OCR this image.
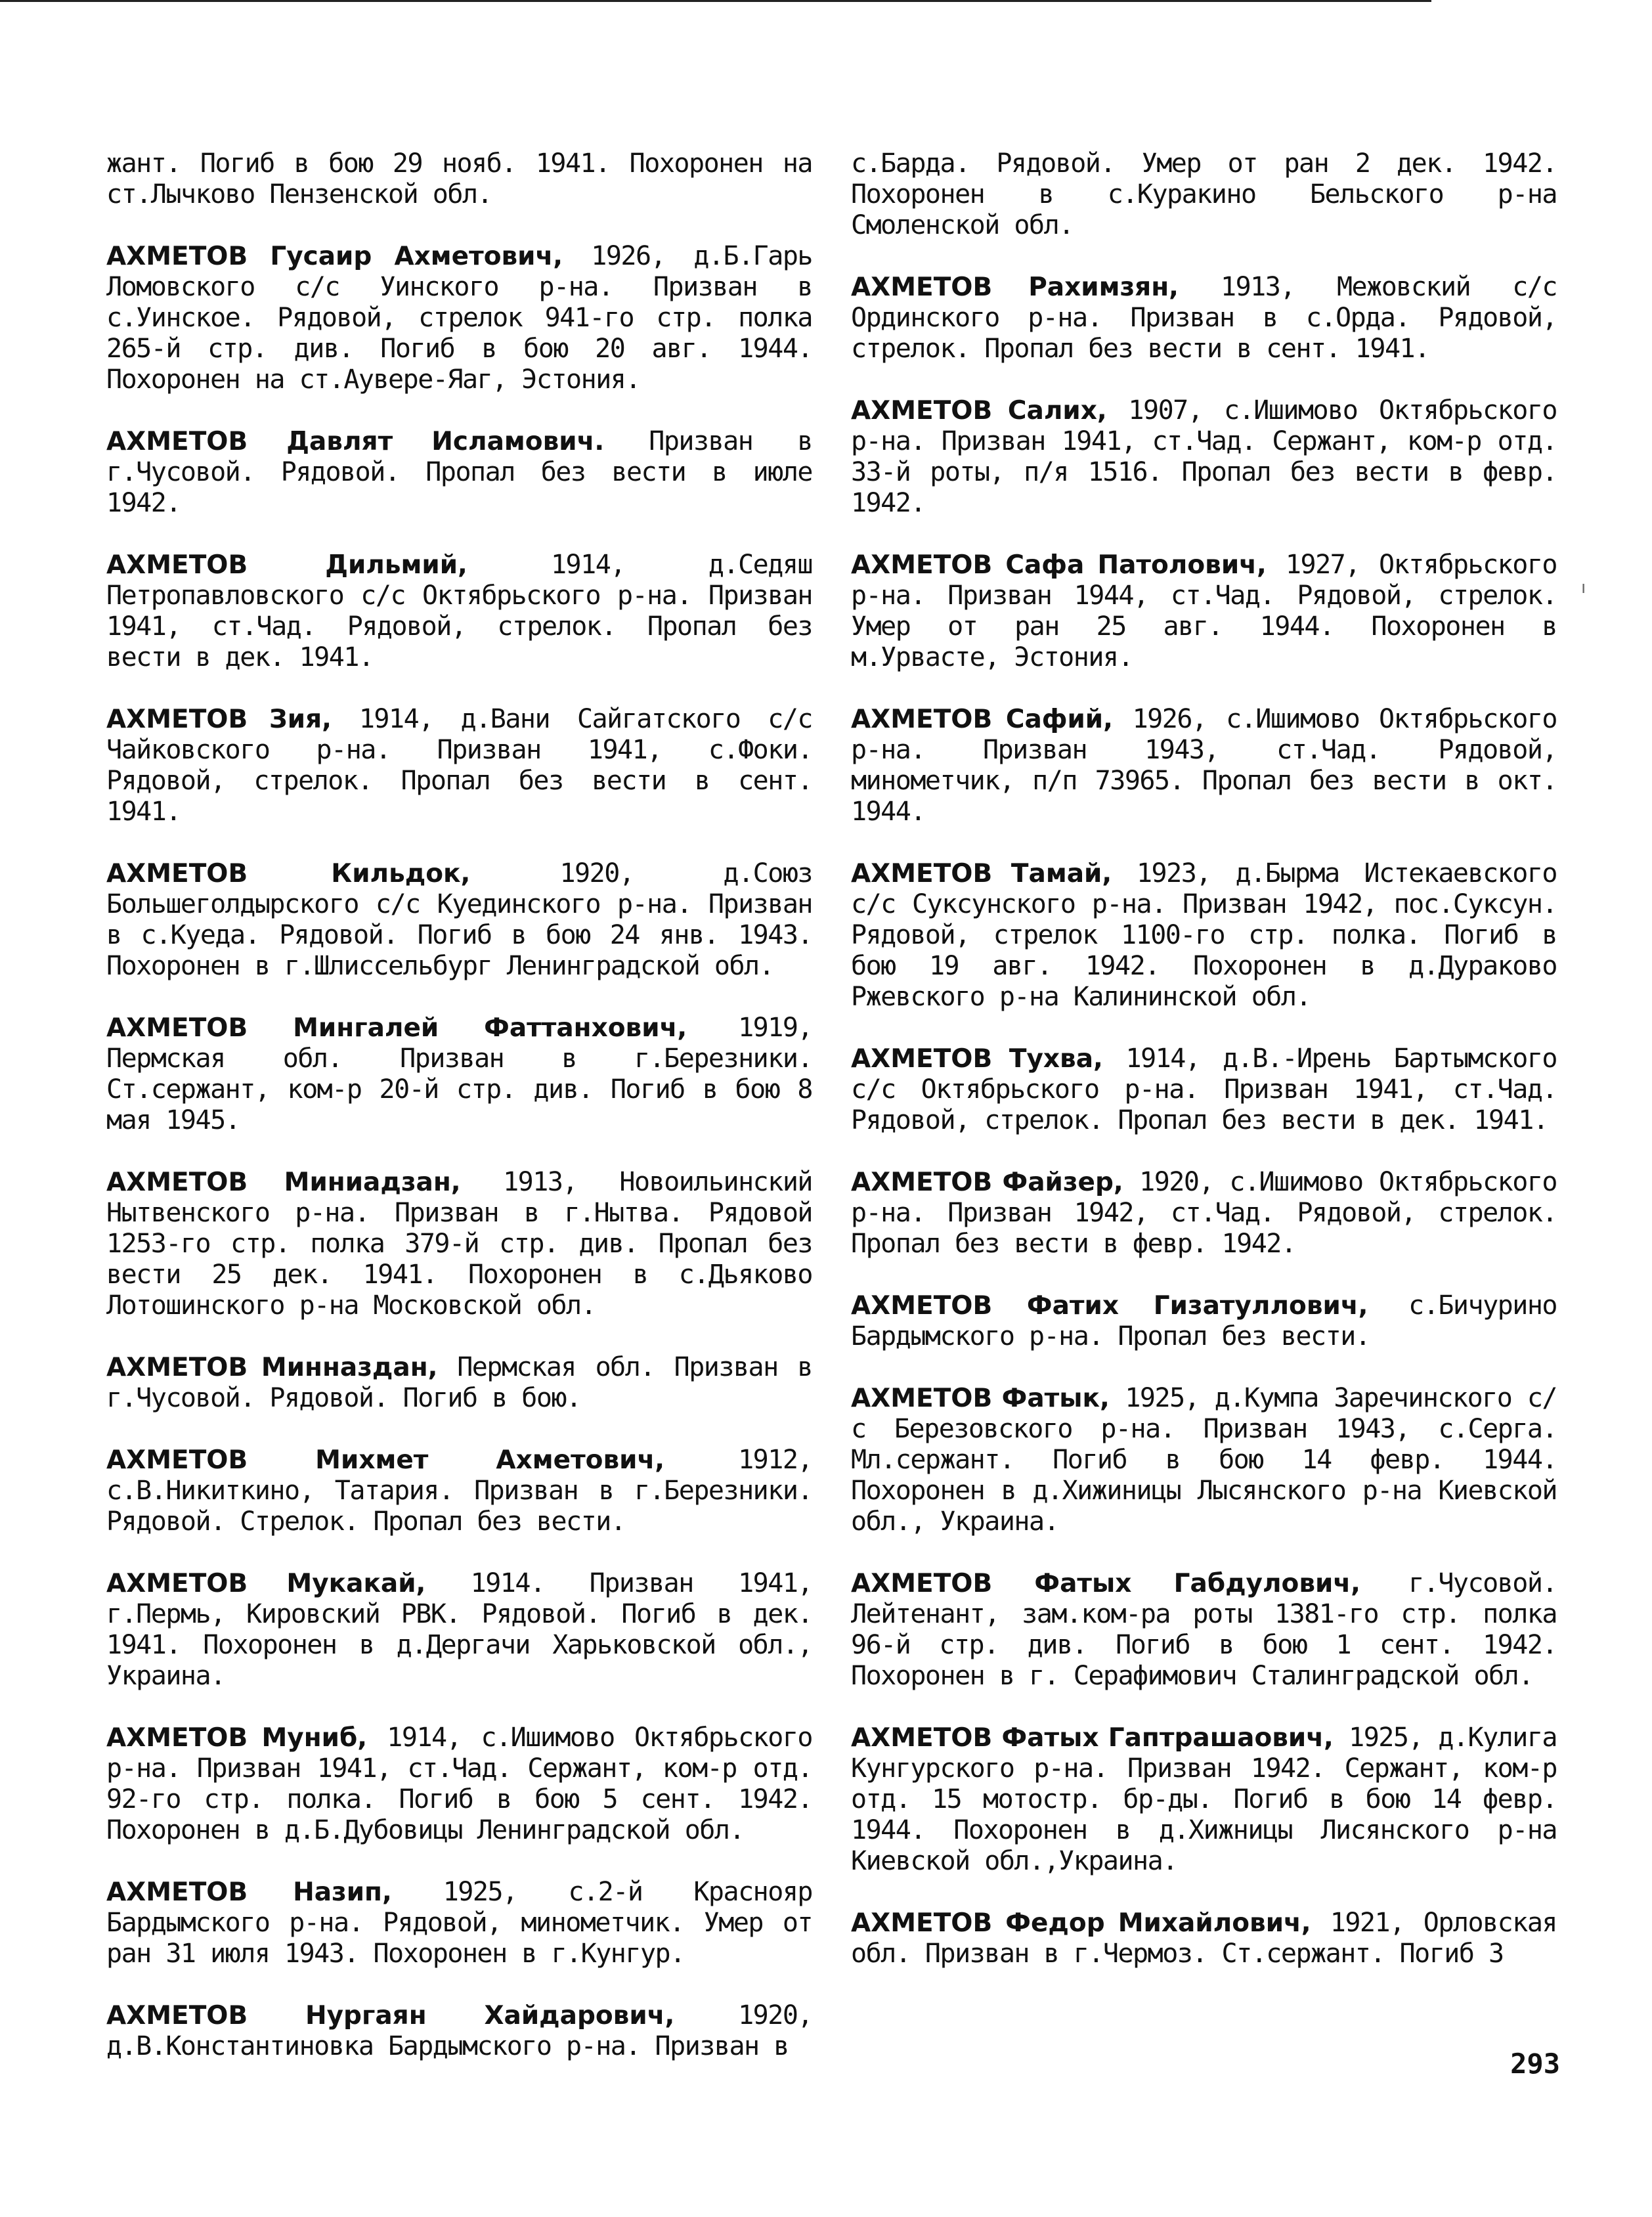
жант. Погиб в бою 29 нояб. 1941. Похоронен на ст.Лычково Пензенской обл.

АХМЕТОВ Гусаир Ахметович, 1926, д.Б.Гарь Ломовского с/с Уинского р-на. Призван в с.Уинское. Рядовой, стрелок 941-го стр. полка 265-й стр. див. Погиб в бою 20 авг. 1944. Похоронен на ст.Аувере-Яаг, Эстония.

АХМЕТОВ Давлят Исламович. Призван в г.Чусовой. Рядовой. Пропал без вести в июле 1942.

АХМЕТОВ Дильмий, 1914, д.Седяш Петропавловского с/с Октябрьского р-на. Призван 1941, ст.Чад. Рядовой, стрелок. Пропал без вести в дек. 1941.

АХМЕТОВ Зия, 1914, д.Вани Сайгатского с/с Чайковского р-на. Призван 1941, с.Фоки. Рядовой, стрелок. Пропал без вести в сент. 1941.

АХМЕТОВ Кильдок, 1920, д.Союз Большеголдырского с/с Куединского р-на. Призван в с.Куеда. Рядовой. Погиб в бою 24 янв. 1943. Похоронен в г.Шлиссельбург Ленинградской обл.

АХМЕТОВ Мингалей Фаттанхович, 1919, Пермская обл. Призван в г.Березники. Ст.сержант, ком-р 20-й стр. див. Погиб в бою 8 мая 1945.

АХМЕТОВ Миниадзан, 1913, Новоильинский Нытвенского р-на. Призван в г.Нытва. Рядовой 1253-го стр. полка 379-й стр. див. Пропал без вести 25 дек. 1941. Похоронен в с.Дьяково Лотошинского р-на Московской обл.

АХМЕТОВ Минназдан, Пермская обл. Призван в г.Чусовой. Рядовой. Погиб в бою.

АХМЕТОВ Михмет Ахметович, 1912, с.В.Никиткино, Татария. Призван в г.Березники. Рядовой. Стрелок. Пропал без вести.

АХМЕТОВ Мукакай, 1914. Призван 1941, г.Пермь, Кировский РВК. Рядовой. Погиб в дек. 1941. Похоронен в д.Дергачи Харьковской обл., Украина.

АХМЕТОВ Муниб, 1914, с.Ишимово Октябрьского р-на. Призван 1941, ст.Чад. Сержант, ком-р отд. 92-го стр. полка. Погиб в бою 5 сент. 1942. Похоронен в д.Б.Дубовицы Ленинградской обл.

АХМЕТОВ Назип, 1925, с.2-й Краснояр Бардымского р-на. Рядовой, минометчик. Умер от ран 31 июля 1943. Похоронен в г.Кунгур.

АХМЕТОВ Нургаян Хайдарович, 1920, д.В.Константиновка Бардымского р-на. Призван в

с.Барда. Рядовой. Умер от ран 2 дек. 1942. Похоронен в с.Куракино Бельского р-на Смоленской обл.

АХМЕТОВ Рахимзян, 1913, Межовский с/с Ординского р-на. Призван в с.Орда. Рядовой, стрелок. Пропал без вести в сент. 1941.

АХМЕТОВ Салих, 1907, с.Ишимово Октябрьского р-на. Призван 1941, ст.Чад. Сержант, ком-р отд. 33-й роты, п/я 1516. Пропал без вести в февр. 1942.

АХМЕТОВ Сафа Патолович, 1927, Октябрьского р-на. Призван 1944, ст.Чад. Рядовой, стрелок. Умер от ран 25 авг. 1944. Похоронен в м.Урвасте, Эстония.

АХМЕТОВ Сафий, 1926, с.Ишимово Октябрьского р-на. Призван 1943, ст.Чад. Рядовой, минометчик, п/п 73965. Пропал без вести в окт. 1944.

АХМЕТОВ Тамай, 1923, д.Бырма Истекаевского с/с Суксунского р-на. Призван 1942, пос.Суксун. Рядовой, стрелок 1100-го стр. полка. Погиб в бою 19 авг. 1942. Похоронен в д.Дураково Ржевского р-на Калининской обл.

АХМЕТОВ Тухва, 1914, д.В.-Ирень Бартымского с/с Октябрьского р-на. Призван 1941, ст.Чад. Рядовой, стрелок. Пропал без вести в дек. 1941.

АХМЕТОВ Файзер, 1920, с.Ишимово Октябрьского р-на. Призван 1942, ст.Чад. Рядовой, стрелок. Пропал без вести в февр. 1942.

АХМЕТОВ Фатих Гизатуллович, с.Бичурино Бардымского р-на. Пропал без вести.

АХМЕТОВ Фатык, 1925, д.Кумпа Заречинского с/с Березовского р-на. Призван 1943, с.Серга. Мл.сержант. Погиб в бою 14 февр. 1944. Похоронен в д.Хижиницы Лысянского р-на Киевской обл., Украина.

АХМЕТОВ Фатых Габдулович, г.Чусовой. Лейтенант, зам.ком-ра роты 1381-го стр. полка 96-й стр. див. Погиб в бою 1 сент. 1942. Похоронен в г. Серафимович Сталинградской обл.

АХМЕТОВ Фатых Гаптрашаович, 1925, д.Кулига Кунгурского р-на. Призван 1942. Сержант, ком-р отд. 15 мотостр. бр-ды. Погиб в бою 14 февр. 1944. Похоронен в д.Хижницы Лисянского р-на Киевской обл.,Украина.

АХМЕТОВ Федор Михайлович, 1921, Орловская обл. Призван в г.Чермоз. Ст.сержант. Погиб 3

ı
293
